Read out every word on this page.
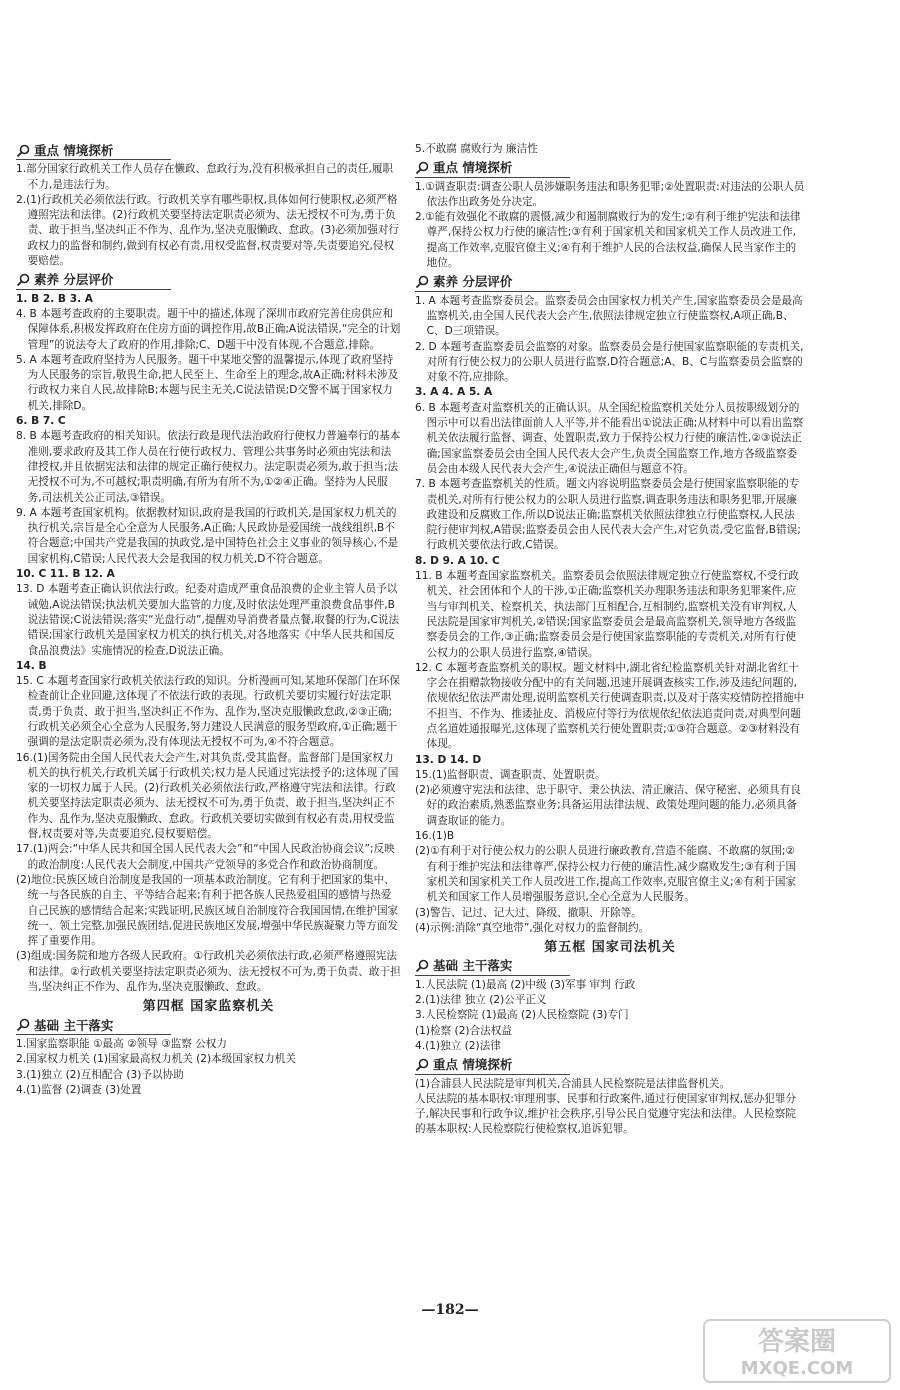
重点 情境探析

1.部分国家行政机关工作人员存在懒政、怠政行为,没有积极承担自己的责任,履职不力,是违法行为。

2.(1)行政机关必须依法行政。行政机关享有哪些职权,具体如何行使职权,必须严格遵照宪法和法律。(2)行政机关要坚持法定职责必须为、法无授权不可为,勇于负责、敢于担当,坚决纠正不作为、乱作为,坚决克服懒政、怠政。(3)必须加强对行政权力的监督和制约,做到有权必有责,用权受监督,权责要对等,失责要追究,侵权要赔偿。

素养 分层评价

1. B 2. B 3. A

4. B 本题考查政府的主要职责。题干中的描述,体现了深圳市政府完善住房供应和保障体系,积极发挥政府在住房方面的调控作用,故B正确;A说法错误,“完全的计划管理”的说法夸大了政府的作用,排除;C、D题干中没有体现,不合题意,排除。

5. A 本题考查政府坚持为人民服务。题干中某地交警的温馨提示,体现了政府坚持为人民服务的宗旨,敬畏生命,把人民至上、生命至上的理念,故A正确;材料未涉及行政权力来自人民,故排除B;本题与民主无关,C说法错误;D交警不属于国家权力机关,排除D。

6. B 7. C

8. B 本题考查政府的相关知识。依法行政是现代法治政府行使权力普遍奉行的基本准则,要求政府及其工作人员在行使行政权力、管理公共事务时必须由宪法和法律授权,并且依据宪法和法律的规定正确行使权力。法定职责必须为,敢于担当;法无授权不可为,不可越权;职责明确,有所为有所不为,①②④正确。坚持为人民服务,司法机关公正司法,③错误。

9. A 本题考查国家机构。依据教材知识,政府是我国的行政机关,是国家权力机关的执行机关,宗旨是全心全意为人民服务,A正确;人民政协是爱国统一战线组织,B不符合题意;中国共产党是我国的执政党,是中国特色社会主义事业的领导核心,不是国家机构,C错误;人民代表大会是我国的权力机关,D不符合题意。

10. C 11. B 12. A

13. D 本题考查正确认识依法行政。纪委对造成严重食品浪费的企业主管人员予以诫勉,A说法错误;执法机关要加大监管的力度,及时依法处理严重浪费食品事件,B说法错误;C说法错误;落实“光盘行动”,提醒劝导消费者量点餐,取餐的行为,C说法错误;国家行政机关是国家权力机关的执行机关,对各地落实《中华人民共和国反食品浪费法》实施情况的检查,D说法正确。

14. B

15. C 本题考查国家行政机关依法行政的知识。分析漫画可知,某地环保部门在环保检查前让企业回避,这体现了不依法行政的表现。行政机关要切实履行好法定职责,勇于负责、敢于担当,坚决纠正不作为、乱作为,坚决克服懒政怠政,②③正确;行政机关必须全心全意为人民服务,努力建设人民满意的服务型政府,①正确;题干强调的是法定职责必须为,没有体现法无授权不可为,④不符合题意。

16.(1)国务院由全国人民代表大会产生,对其负责,受其监督。监督部门是国家权力机关的执行机关,行政机关属于行政机关;权力是人民通过宪法授予的;这体现了国家的一切权力属于人民。(2)行政机关必须依法行政,严格遵守宪法和法律。行政机关要坚持法定职责必须为、法无授权不可为,勇于负责、敢于担当,坚决纠正不作为、乱作为,坚决克服懒政、怠政。行政机关要切实做到有权必有责,用权受监督,权责要对等,失责要追究,侵权要赔偿。

17.(1)两会:“中华人民共和国全国人民代表大会”和“中国人民政治协商会议”;反映的政治制度:人民代表大会制度,中国共产党领导的多党合作和政治协商制度。

(2)地位:民族区域自治制度是我国的一项基本政治制度。它有利于把国家的集中、统一与各民族的自主、平等结合起来;有利于把各族人民热爱祖国的感情与热爱自己民族的感情结合起来;实践证明,民族区域自治制度符合我国国情,在维护国家统一、领土完整,加强民族团结,促进民族地区发展,增强中华民族凝聚力等方面发挥了重要作用。

(3)组成:国务院和地方各级人民政府。①行政机关必须依法行政,必须严格遵照宪法和法律。②行政机关要坚持法定职责必须为、法无授权不可为,勇于负责、敢于担当,坚决纠正不作为、乱作为,坚决克服懒政、怠政。

第四框 国家监察机关
基础 主干落实

1.国家监察职能 ①最高 ②领导 ③监察 公权力

2.国家权力机关 (1)国家最高权力机关 (2)本级国家权力机关

3.(1)独立 (2)互相配合 (3)予以协助

4.(1)监督 (2)调查 (3)处置

5.不敢腐 腐败行为 廉洁性

重点 情境探析

1.①调查职责:调查公职人员涉嫌职务违法和职务犯罪;②处置职责:对违法的公职人员依法作出政务处分决定。

2.①能有效强化不敢腐的震慑,减少和遏制腐败行为的发生;②有利于维护宪法和法律尊严,保持公权力行使的廉洁性;③有利于国家机关和国家机关工作人员改进工作,提高工作效率,克服官僚主义;④有利于维护人民的合法权益,确保人民当家作主的地位。

素养 分层评价

1. A 本题考查监察委员会。监察委员会由国家权力机关产生,国家监察委员会是最高监察机关,由全国人民代表大会产生,依照法律规定独立行使监察权,A项正确,B、C、D三项错误。

2. D 本题考查监察委员会监察的对象。监察委员会是行使国家监察职能的专责机关,对所有行使公权力的公职人员进行监察,D符合题意;A、B、C与监察委员会监察的对象不符,应排除。

3. A 4. A 5. A

6. B 本题考查对监察机关的正确认识。从全国纪检监察机关处分人员按职级划分的图示中可以看出法律面前人人平等,并不能看出①说法正确;从材料中可以看出监察机关依法履行监督、调查、处置职责,致力于保持公权力行使的廉洁性,②③说法正确;国家监察委员会由全国人民代表大会产生,负责全国监察工作,地方各级监察委员会由本级人民代表大会产生,④说法正确但与题意不符。

7. B 本题考查监察机关的性质。题文内容说明监察委员会是行使国家监察职能的专责机关,对所有行使公权力的公职人员进行监察,调查职务违法和职务犯罪,开展廉政建设和反腐败工作,所以D说法正确;监察机关依照法律独立行使监察权,人民法院行使审判权,A错误;监察委员会由人民代表大会产生,对它负责,受它监督,B错误;行政机关要依法行政,C错误。

8. D 9. A 10. C

11. B 本题考查国家监察机关。监察委员会依照法律规定独立行使监察权,不受行政机关、社会团体和个人的干涉,①正确;监察机关办理职务违法和职务犯罪案件,应当与审判机关、检察机关、执法部门互相配合,互相制约,监察机关没有审判权,人民法院是国家审判机关,②错误;国家监察委员会是最高监察机关,领导地方各级监察委员会的工作,③正确;监察委员会是行使国家监察职能的专责机关,对所有行使公权力的公职人员进行监察,④错误。

12. C 本题考查监察机关的职权。题文材料中,湖北省纪检监察机关针对湖北省红十字会在捐赠款物接收分配中的有关问题,迅速开展调查核实工作,涉及违纪问题的,依规依纪依法严肃处理,说明监察机关行使调查职责,以及对于落实疫情防控措施中不担当、不作为、推诿扯皮、消极应付等行为依规依纪依法追责问责,对典型问题点名道姓通报曝光,这体现了监察机关行使处置职责;①③符合题意。②③材料没有体现。

13. D 14. D

15.(1)监督职责、调查职责、处置职责。

(2)必须遵守宪法和法律、忠于职守、秉公执法、清正廉洁、保守秘密、必须具有良好的政治素质,熟悉监察业务;具备运用法律法规、政策处理问题的能力,必须具备调查取证的能力。

16.(1)B

(2)①有利于对行使公权力的公职人员进行廉政教育,营造不能腐、不敢腐的氛围;②有利于维护宪法和法律尊严,保持公权力行使的廉洁性,减少腐败发生;③有利于国家机关和国家机关工作人员改进工作,提高工作效率,克服官僚主义;④有利于国家机关和国家工作人员增强服务意识,全心全意为人民服务。

(3)警告、记过、记大过、降级、撤职、开除等。

(4)示例:消除“真空地带”,强化对权力的监督制约。

第五框 国家司法机关
基础 主干落实

1.人民法院 (1)最高 (2)中级 (3)军事 审判 行政

2.(1)法律 独立 (2)公平正义

3.人民检察院 (1)最高 (2)人民检察院 (3)专门

(1)检察 (2)合法权益

4.(1)独立 (2)法律

重点 情境探析

(1)合浦县人民法院是审判机关,合浦县人民检察院是法律监督机关。

人民法院的基本职权:审理刑事、民事和行政案件,通过行使国家审判权,惩办犯罪分子,解决民事和行政争议,维护社会秩序,引导公民自觉遵守宪法和法律。人民检察院的基本职权:人民检察院行使检察权,追诉犯罪。

—182—
答案圈
MXQE.COM
